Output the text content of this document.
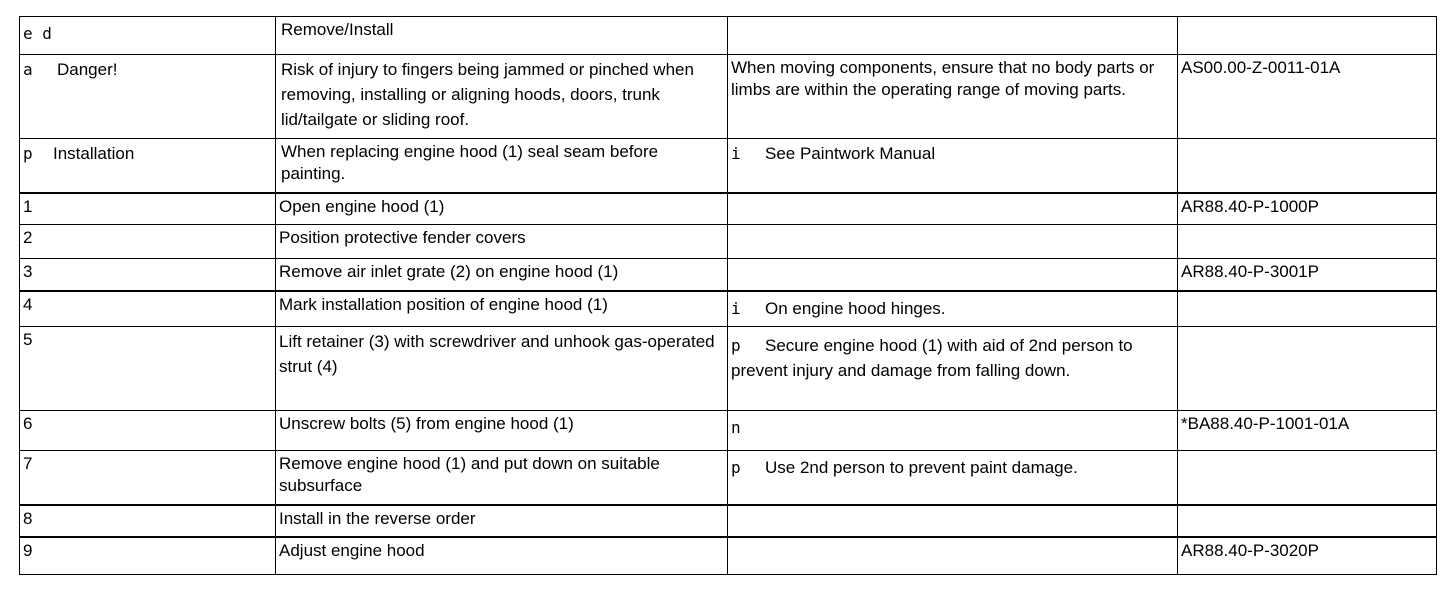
e d	Remove/Install		
a Danger!	Risk of injury to fingers being jammed or pinched when removing, installing or aligning hoods, doors, trunk lid/tailgate or sliding roof.	When moving components, ensure that no body parts or limbs are within the operating range of moving parts.	AS00.00-Z-0011-01A
p Installation	When replacing engine hood (1) seal seam before painting.	i See Paintwork Manual	
1	Open engine hood (1)		AR88.40-P-1000P
2	Position protective fender covers		
3	Remove air inlet grate (2) on engine hood (1)		AR88.40-P-3001P
4	Mark installation position of engine hood (1)	i On engine hood hinges.	
5	Lift retainer (3) with screwdriver and unhook gas-operated strut (4)	p Secure engine hood (1) with aid of 2nd person to prevent injury and damage from falling down.	
6	Unscrew bolts (5) from engine hood (1)	n	*BA88.40-P-1001-01A
7	Remove engine hood (1) and put down on suitable subsurface	p Use 2nd person to prevent paint damage.	
8	Install in the reverse order		
9	Adjust engine hood		AR88.40-P-3020P
